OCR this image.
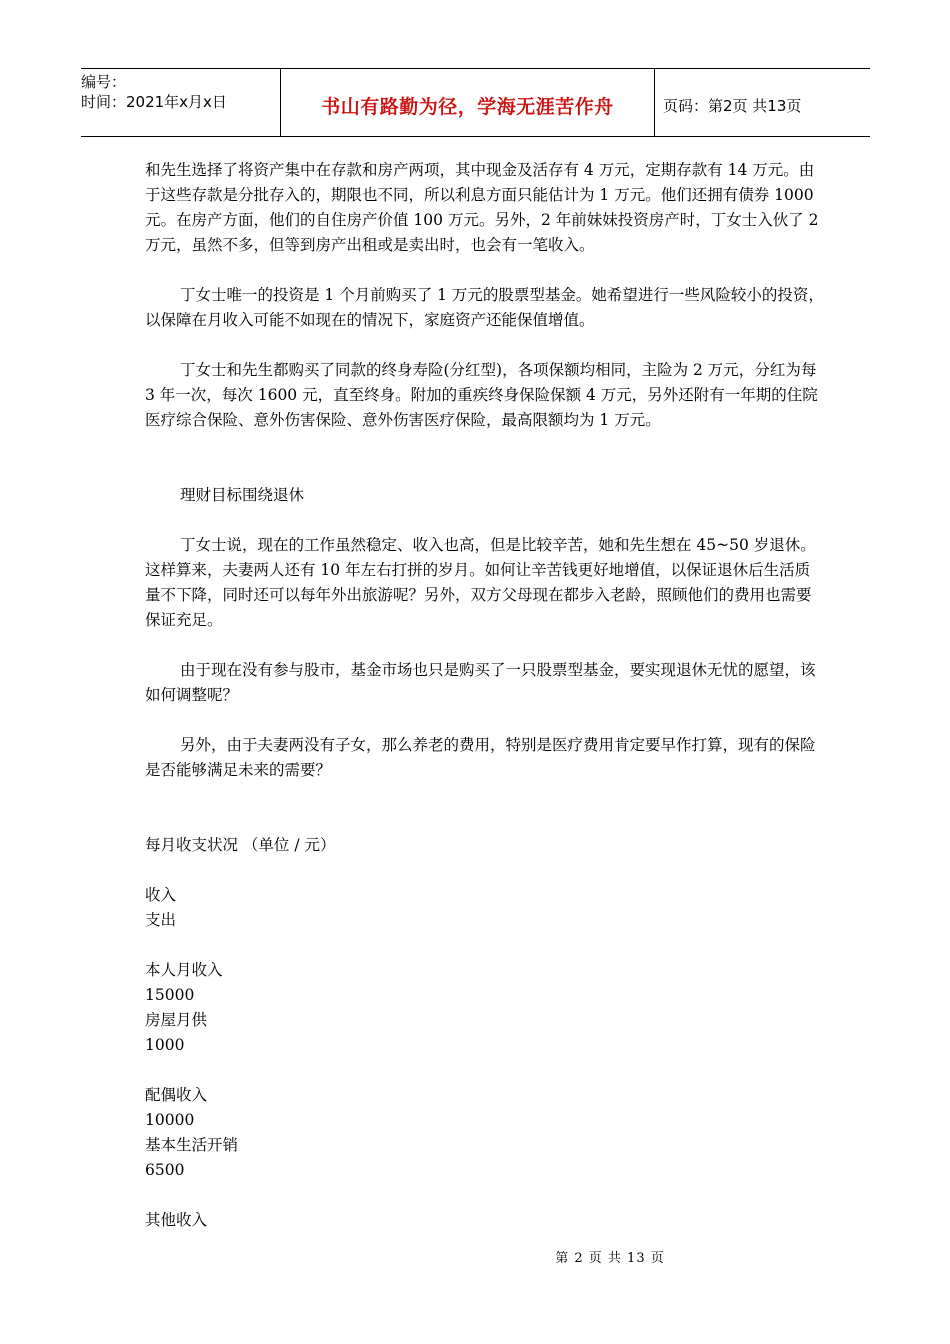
编号：
时间：2021年x月x日	书山有路勤为径，学海无涯苦作舟	页码：第2页 共13页

和先生选择了将资产集中在存款和房产两项，其中现金及活存有 4 万元，定期存款有 14 万元。由于这些存款是分批存入的，期限也不同，所以利息方面只能估计为 1 万元。他们还拥有债券 1000 元。在房产方面，他们的自住房产价值 100 万元。另外，2 年前妹妹投资房产时，丁女士入伙了 2 万元，虽然不多，但等到房产出租或是卖出时，也会有一笔收入。

丁女士唯一的投资是 1 个月前购买了 1 万元的股票型基金。她希望进行一些风险较小的投资，以保障在月收入可能不如现在的情况下，家庭资产还能保值增值。

丁女士和先生都购买了同款的终身寿险(分红型)，各项保额均相同，主险为 2 万元，分红为每 3 年一次，每次 1600 元，直至终身。附加的重疾终身保险保额 4 万元，另外还附有一年期的住院医疗综合保险、意外伤害保险、意外伤害医疗保险，最高限额均为 1 万元。

理财目标围绕退休

丁女士说，现在的工作虽然稳定、收入也高，但是比较辛苦，她和先生想在 45~50 岁退休。这样算来，夫妻两人还有 10 年左右打拼的岁月。如何让辛苦钱更好地增值，以保证退休后生活质量不下降，同时还可以每年外出旅游呢？另外，双方父母现在都步入老龄，照顾他们的费用也需要保证充足。

由于现在没有参与股市，基金市场也只是购买了一只股票型基金，要实现退休无忧的愿望，该如何调整呢？

另外，由于夫妻两没有子女，那么养老的费用，特别是医疗费用肯定要早作打算，现有的保险是否能够满足未来的需要？

每月收支状况 （单位 / 元）

收入

支出

本人月收入

15000

房屋月供

1000

配偶收入

10000

基本生活开销

6500

其他收入

第 2 页 共 13 页
